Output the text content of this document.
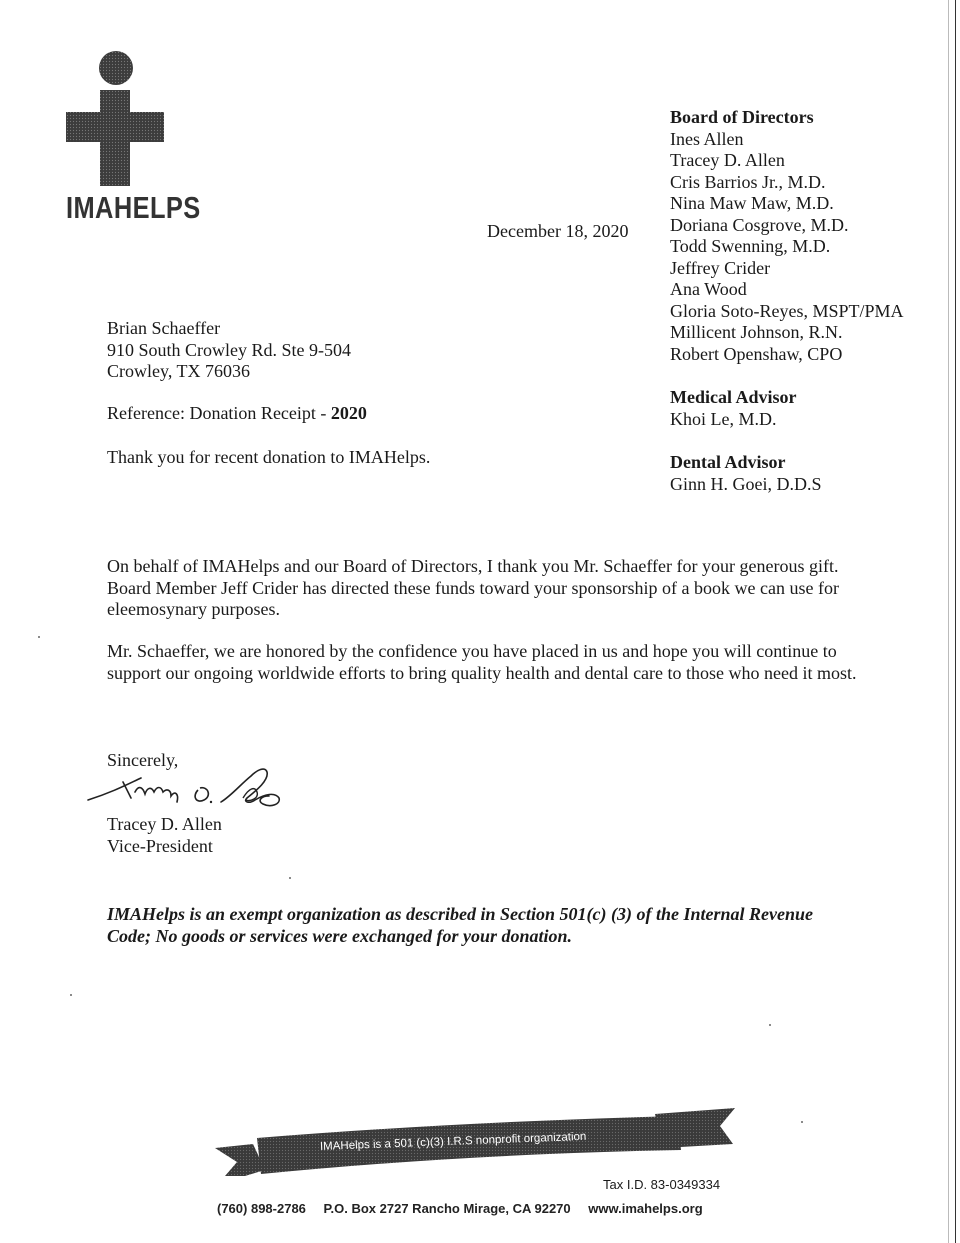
IMAHELPS
Board of Directors
Ines Allen
Tracey D. Allen
Cris Barrios Jr., M.D.
Nina Maw Maw, M.D.
Doriana Cosgrove, M.D.
Todd Swenning, M.D.
Jeffrey Crider
Ana Wood
Gloria Soto-Reyes, MSPT/PMA
Millicent Johnson, R.N.
Robert Openshaw, CPO
Medical Advisor
Khoi Le, M.D.
Dental Advisor
Ginn H. Goei, D.D.S
December 18, 2020
Brian Schaeffer
910 South Crowley Rd. Ste 9-504
Crowley, TX 76036
Reference: Donation Receipt - 2020
Thank you for recent donation to IMAHelps.
On behalf of IMAHelps and our Board of Directors, I thank you Mr. Schaeffer for your generous gift. Board Member Jeff Crider has directed these funds toward your sponsorship of a book we can use for eleemosynary purposes.
Mr. Schaeffer, we are honored by the confidence you have placed in us and hope you will continue to support our ongoing worldwide efforts to bring quality health and dental care to those who need it most.
Sincerely,
Tracey D. Allen
Vice-President
IMAHelps is an exempt organization as described in Section 501(c) (3) of the Internal Revenue Code; No goods or services were exchanged for your donation.
IMAHelps is a 501 (c)(3) I.R.S nonprofit organization
Tax I.D. 83-0349334
(760) 898-2786 P.O. Box 2727 Rancho Mirage, CA 92270 www.imahelps.org
